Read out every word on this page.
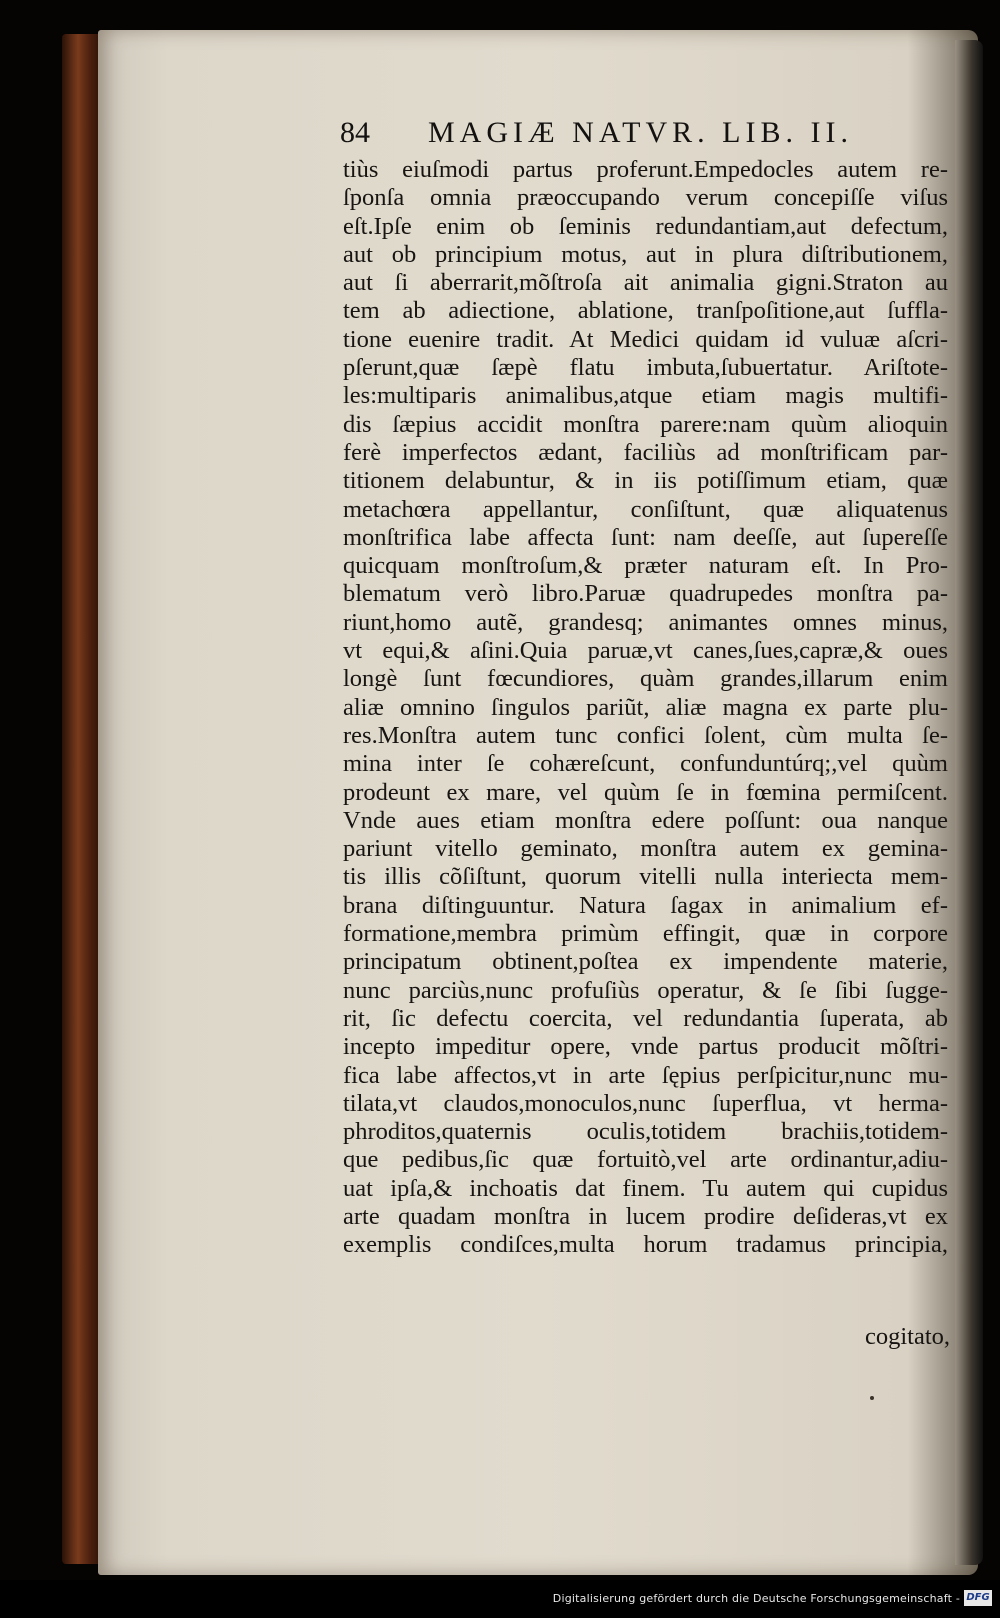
84 MAGIÆ NATVR. LIB. II.
tiùs eiuſmodi partus proferunt.Empedocles autem re-
ſponſa omnia præoccupando verum concepiſſe viſus
eſt.Ipſe enim ob ſeminis redundantiam,aut defectum,
aut ob principium motus, aut in plura diſtributionem,
aut ſi aberrarit,mõſtroſa ait animalia gigni.Straton au
tem ab adiectione, ablatione, tranſpoſitione,aut ſuffla-
tione euenire tradit. At Medici quidam id vuluæ aſcri-
pſerunt,quæ ſæpè flatu imbuta,ſubuertatur. Ariſtote-
les:multiparis animalibus,atque etiam magis multifi-
dis ſæpius accidit monſtra parere:nam quùm alioquin
ferè imperfectos ædant, faciliùs ad monſtrificam par-
titionem delabuntur, & in iis potiſſimum etiam, quæ
metachœra appellantur, conſiſtunt, quæ aliquatenus
monſtrifica labe affecta ſunt: nam deeſſe, aut ſupereſſe
quicquam monſtroſum,& præter naturam eſt. In Pro-
blematum verò libro.Paruæ quadrupedes monſtra pa-
riunt,homo autẽ, grandesq; animantes omnes minus,
vt equi,& aſini.Quia paruæ,vt canes,ſues,capræ,& oues
longè ſunt fœcundiores, quàm grandes,illarum enim
aliæ omnino ſingulos pariũt, aliæ magna ex parte plu-
res.Monſtra autem tunc confici ſolent, cùm multa ſe-
mina inter ſe cohæreſcunt, confunduntúrq;,vel quùm
prodeunt ex mare, vel quùm ſe in fœmina permiſcent.
Vnde aues etiam monſtra edere poſſunt: oua nanque
pariunt vitello geminato, monſtra autem ex gemina-
tis illis cõſiſtunt, quorum vitelli nulla interiecta mem-
brana diſtinguuntur. Natura ſagax in animalium ef-
formatione,membra primùm effingit, quæ in corpore
principatum obtinent,poſtea ex impendente materie,
nunc parciùs,nunc profuſiùs operatur, & ſe ſibi ſugge-
rit, ſic defectu coercita, vel redundantia ſuperata, ab
incepto impeditur opere, vnde partus producit mõſtri-
fica labe affectos,vt in arte ſępius perſpicitur,nunc mu-
tilata,vt claudos,monoculos,nunc ſuperflua, vt herma-
phroditos,quaternis oculis,totidem brachiis,totidem-
que pedibus,ſic quæ fortuitò,vel arte ordinantur,adiu-
uat ipſa,& inchoatis dat finem. Tu autem qui cupidus
arte quadam monſtra in lucem prodire deſideras,vt ex
exemplis condiſces,multa horum tradamus principia,
cogitato,
Digitalisierung gefördert durch die Deutsche Forschungsgemeinschaft - DFG
